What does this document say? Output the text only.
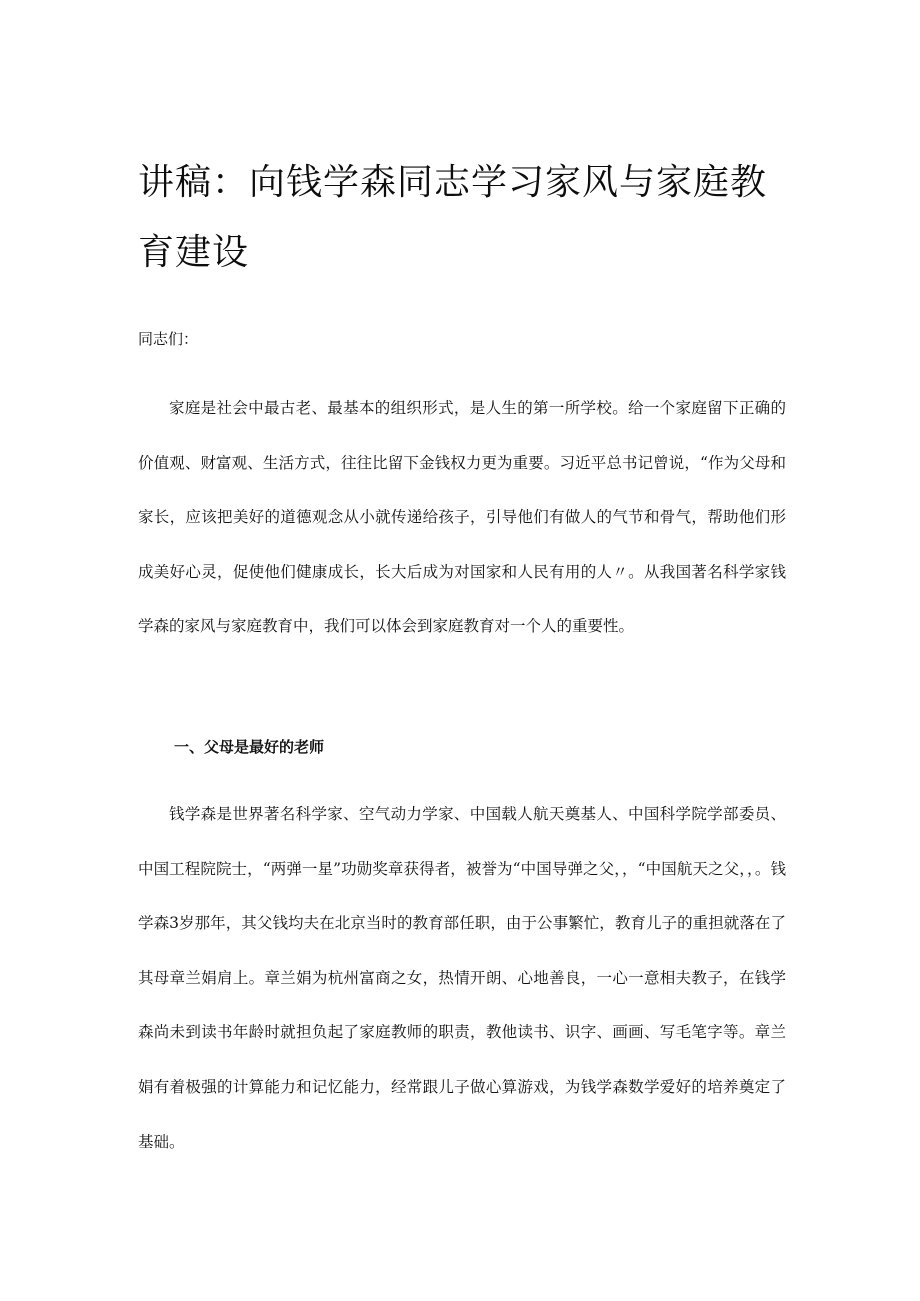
讲稿：向钱学森同志学习家风与家庭教育建设

同志们：

家庭是社会中最古老、最基本的组织形式，是人生的第一所学校。给一个家庭留下正确的价值观、财富观、生活方式，往往比留下金钱权力更为重要。习近平总书记曾说，“作为父母和家长，应该把美好的道德观念从小就传递给孩子，引导他们有做人的气节和骨气，帮助他们形成美好心灵，促使他们健康成长，长大后成为对国家和人民有用的人〃。从我国著名科学家钱学森的家风与家庭教育中，我们可以体会到家庭教育对一个人的重要性。

一、父母是最好的老师

钱学森是世界著名科学家、空气动力学家、中国载人航天奠基人、中国科学院学部委员、中国工程院院士，“两弹一星”功勋奖章获得者，被誉为“中国导弹之父，，“中国航天之父，，。钱学森3岁那年，其父钱均夫在北京当时的教育部任职，由于公事繁忙，教育儿子的重担就落在了其母章兰娟肩上。章兰娟为杭州富商之女，热情开朗、心地善良，一心一意相夫教子，在钱学森尚未到读书年龄时就担负起了家庭教师的职责，教他读书、识字、画画、写毛笔字等。章兰娟有着极强的计算能力和记忆能力，经常跟儿子做心算游戏，为钱学森数学爱好的培养奠定了基础。
